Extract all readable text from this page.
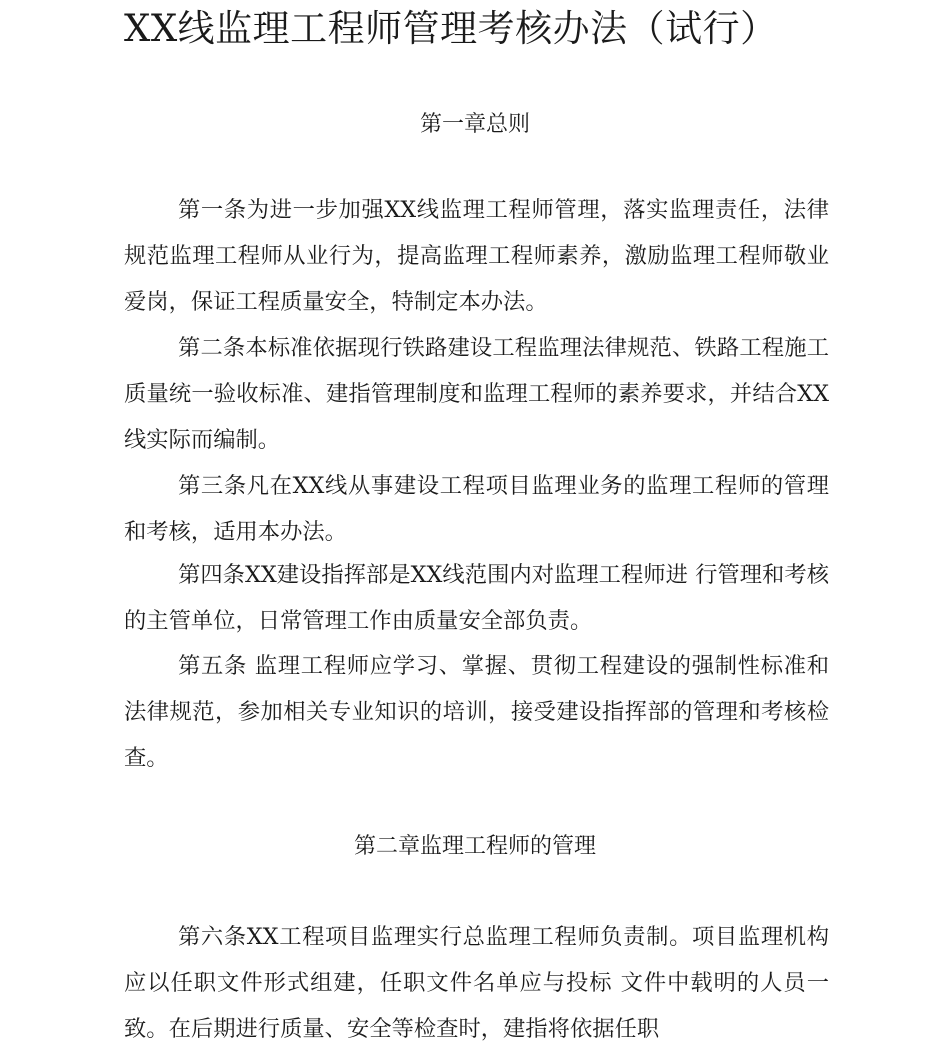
XX线监理工程师管理考核办法（试行）
第一章总则

第一条为进一步加强XX线监理工程师管理，落实监理责任，法律规范监理工程师从业行为，提高监理工程师素养，激励监理工程师敬业爱岗，保证工程质量安全，特制定本办法。

第二条本标准依据现行铁路建设工程监理法律规范、铁路工程施工质量统一验收标准、建指管理制度和监理工程师的素养要求，并结合XX线实际而编制。

第三条凡在XX线从事建设工程项目监理业务的监理工程师的管理和考核，适用本办法。

第四条XX建设指挥部是XX线范围内对监理工程师进 行管理和考核的主管单位，日常管理工作由质量安全部负责。

第五条 监理工程师应学习、掌握、贯彻工程建设的强制性标准和法律规范，参加相关专业知识的培训，接受建设指挥部的管理和考核检查。

第二章监理工程师的管理

第六条XX工程项目监理实行总监理工程师负责制。项目监理机构应以任职文件形式组建，任职文件名单应与投标 文件中载明的人员一致。在后期进行质量、安全等检查时，建指将依据任职
